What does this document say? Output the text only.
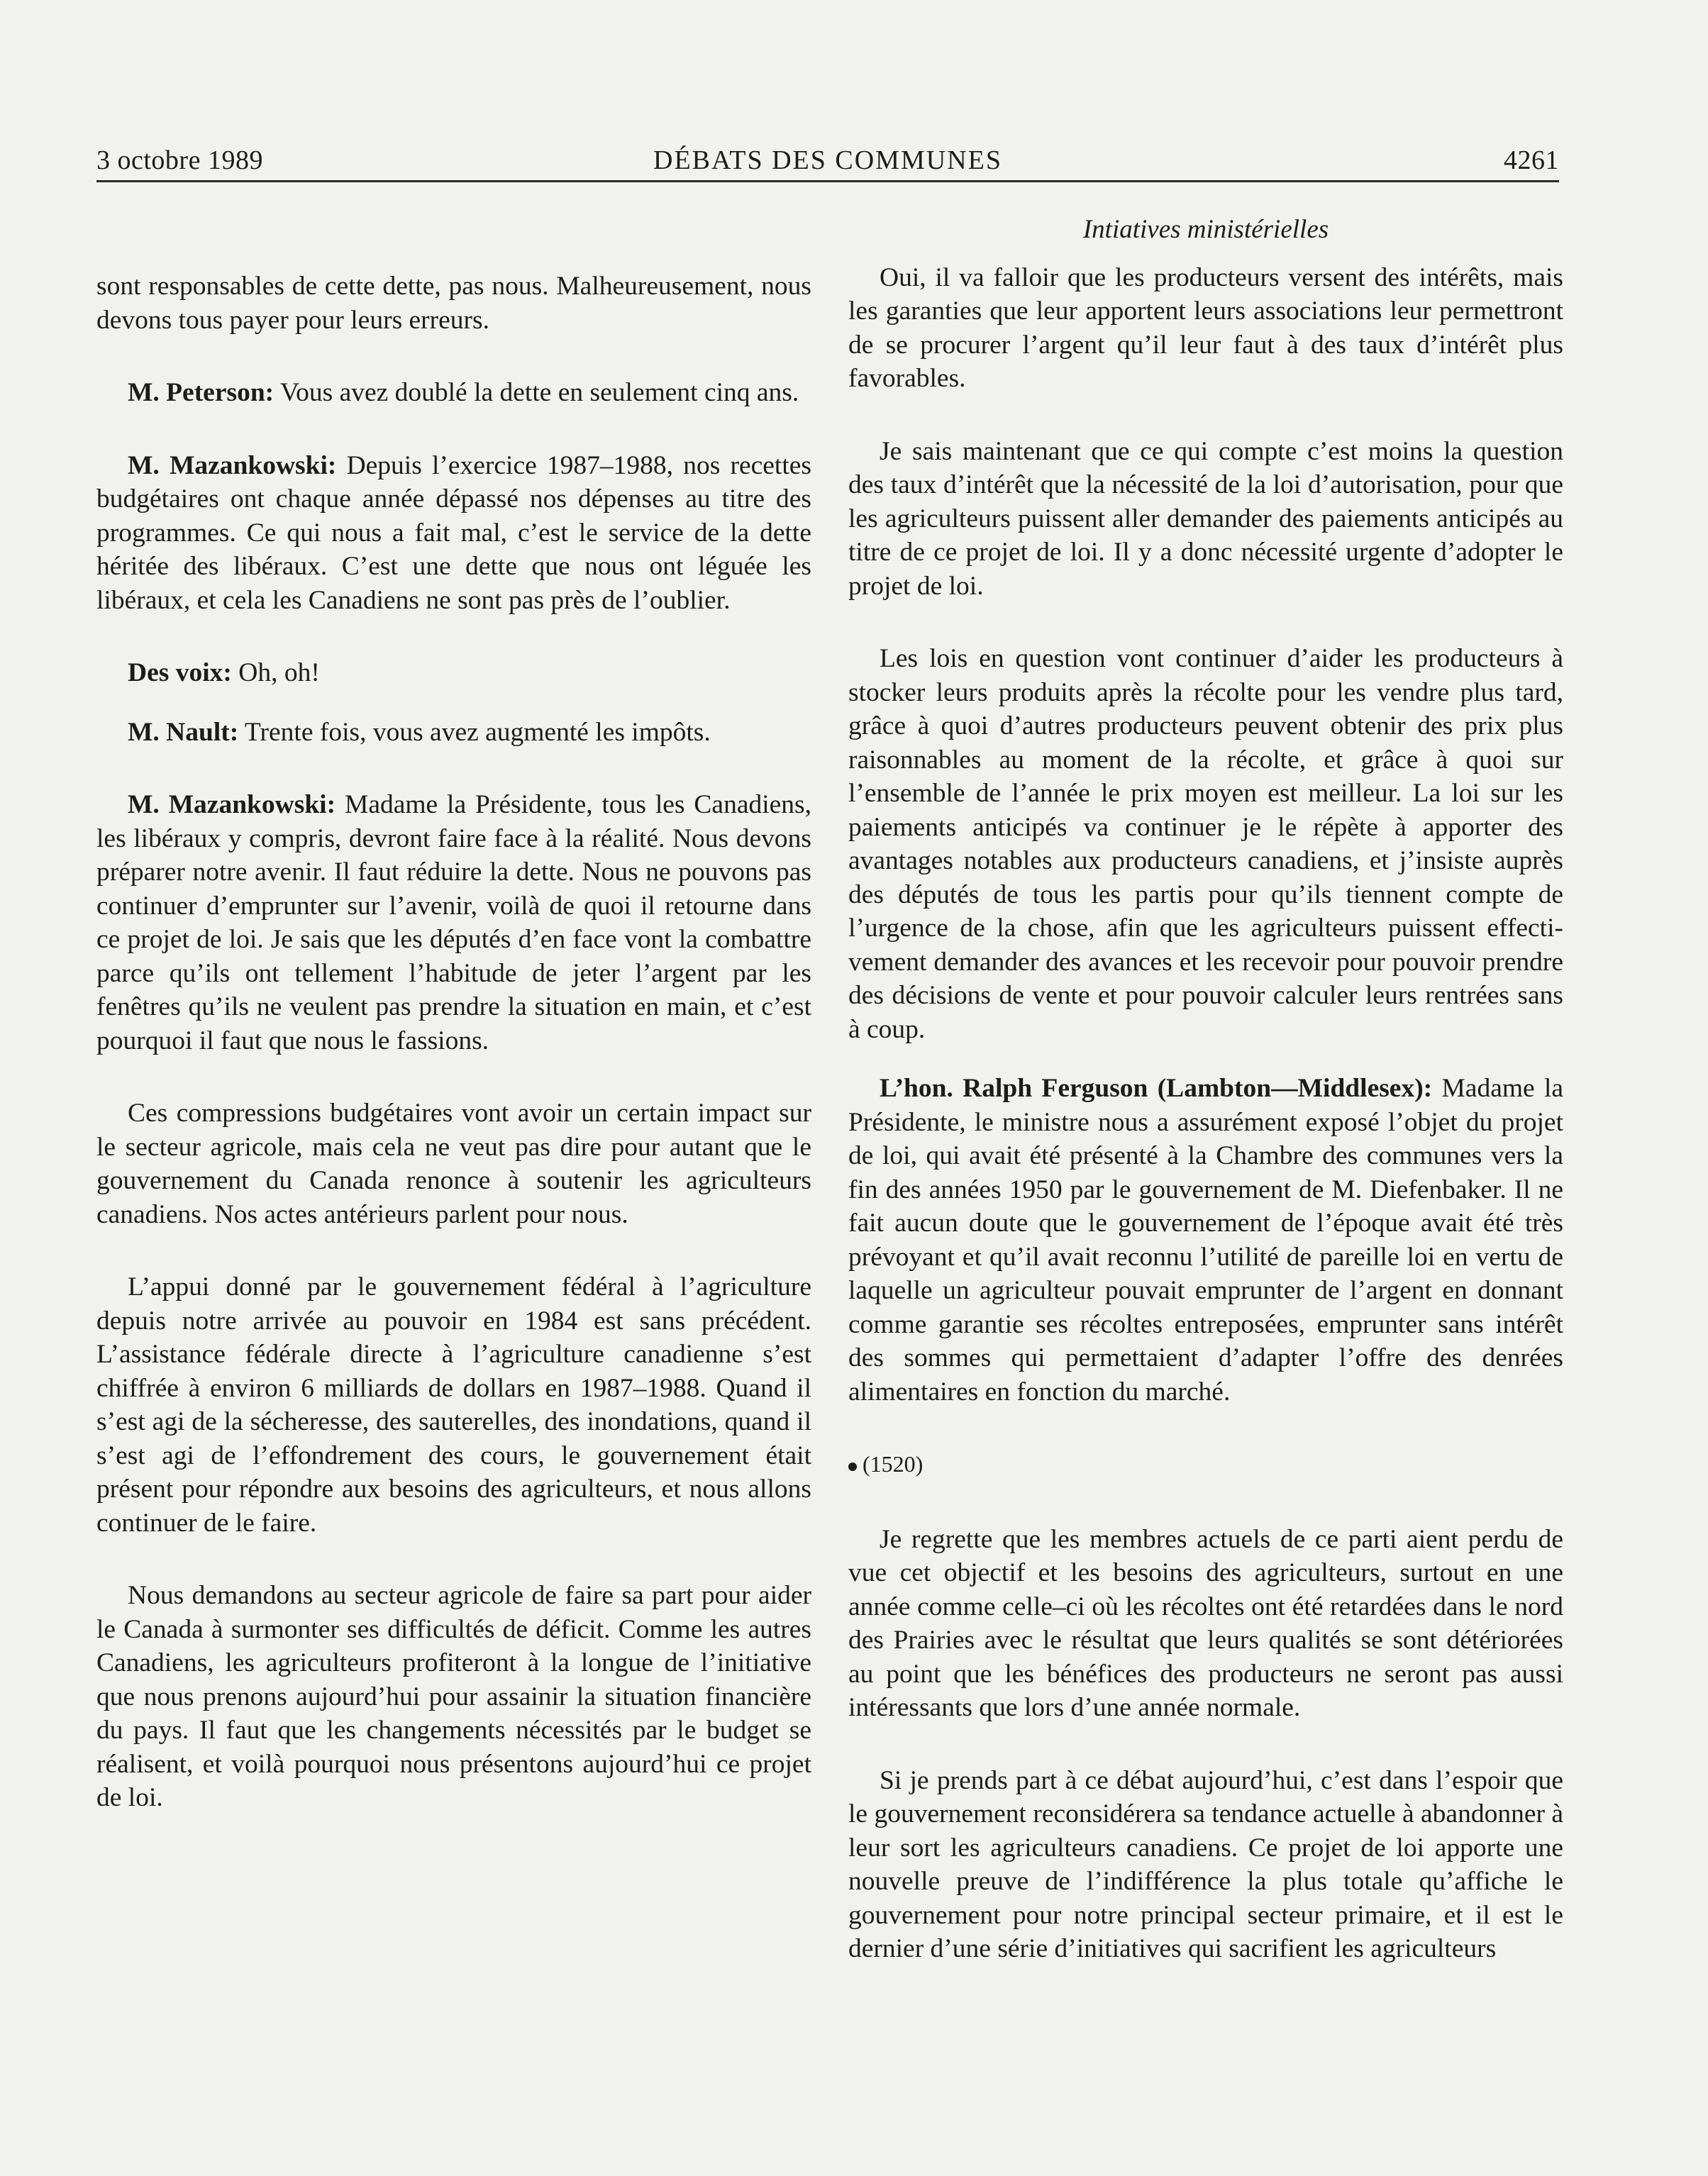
3 octobre 1989	DÉBATS DES COMMUNES	4261

sont responsables de cette dette, pas nous. Malheureusement, nous devons tous payer pour leurs erreurs.

M. Peterson: Vous avez doublé la dette en seulement cinq ans.

M. Mazankowski: Depuis l’exercice 1987–1988, nos recettes budgétaires ont chaque année dépassé nos dépenses au titre des programmes. Ce qui nous a fait mal, c’est le service de la dette héritée des libéraux. C’est une dette que nous ont léguée les libéraux, et cela les Canadiens ne sont pas près de l’oublier.

Des voix: Oh, oh!

M. Nault: Trente fois, vous avez augmenté les impôts.

M. Mazankowski: Madame la Présidente, tous les Canadiens, les libéraux y compris, devront faire face à la réalité. Nous devons préparer notre avenir. Il faut réduire la dette. Nous ne pouvons pas continuer d’emprunter sur l’avenir, voilà de quoi il retourne dans ce projet de loi. Je sais que les députés d’en face vont la combattre parce qu’ils ont tellement l’habitude de jeter l’argent par les fenêtres qu’ils ne veulent pas prendre la situation en main, et c’est pourquoi il faut que nous le fassions.

Ces compressions budgétaires vont avoir un certain impact sur le secteur agricole, mais cela ne veut pas dire pour autant que le gouvernement du Canada renonce à soutenir les agriculteurs canadiens. Nos actes antérieurs parlent pour nous.

L’appui donné par le gouvernement fédéral à l’agriculture depuis notre arrivée au pouvoir en 1984 est sans précédent. L’assistance fédérale directe à l’agriculture canadienne s’est chiffrée à environ 6 milliards de dollars en 1987–1988. Quand il s’est agi de la sécheresse, des sauterelles, des inondations, quand il s’est agi de l’effondrement des cours, le gouvernement était présent pour répondre aux besoins des agriculteurs, et nous allons continuer de le faire.

Nous demandons au secteur agricole de faire sa part pour aider le Canada à surmonter ses difficultés de déficit. Comme les autres Canadiens, les agriculteurs profiteront à la longue de l’initiative que nous prenons aujourd’hui pour assainir la situation financière du pays. Il faut que les changements nécessités par le budget se réalisent, et voilà pourquoi nous présentons aujourd’hui ce projet de loi.

Intiatives ministérielles

Oui, il va falloir que les producteurs versent des intérêts, mais les garanties que leur apportent leurs associations leur permettront de se procurer l’argent qu’il leur faut à des taux d’intérêt plus favorables.

Je sais maintenant que ce qui compte c’est moins la question des taux d’intérêt que la nécessité de la loi d’autorisation, pour que les agriculteurs puissent aller demander des paiements anticipés au titre de ce projet de loi. Il y a donc nécessité urgente d’adopter le projet de loi.

Les lois en question vont continuer d’aider les producteurs à stocker leurs produits après la récolte pour les vendre plus tard, grâce à quoi d’autres producteurs peuvent obtenir des prix plus raisonnables au moment de la récolte, et grâce à quoi sur l’ensemble de l’année le prix moyen est meilleur. La loi sur les paiements anticipés va continuer je le répète à apporter des avantages notables aux producteurs canadiens, et j’insiste auprès des députés de tous les partis pour qu’ils tiennent compte de l’urgence de la chose, afin que les agriculteurs puissent effectivement demander des avances et les recevoir pour pouvoir prendre des décisions de vente et pour pouvoir calculer leurs rentrées sans à coup.

L’hon. Ralph Ferguson (Lambton—Middlesex): Madame la Présidente, le ministre nous a assurément exposé l’objet du projet de loi, qui avait été présenté à la Chambre des communes vers la fin des années 1950 par le gouvernement de M. Diefenbaker. Il ne fait aucun doute que le gouvernement de l’époque avait été très prévoyant et qu’il avait reconnu l’utilité de pareille loi en vertu de laquelle un agriculteur pouvait emprunter de l’argent en donnant comme garantie ses récoltes entreposées, emprunter sans intérêt des sommes qui permettaient d’adapter l’offre des denrées alimentaires en fonction du marché.

(1520)

Je regrette que les membres actuels de ce parti aient perdu de vue cet objectif et les besoins des agriculteurs, surtout en une année comme celle–ci où les récoltes ont été retardées dans le nord des Prairies avec le résultat que leurs qualités se sont détériorées au point que les bénéfices des producteurs ne seront pas aussi intéressants que lors d’une année normale.

Si je prends part à ce débat aujourd’hui, c’est dans l’espoir que le gouvernement reconsidérera sa tendance actuelle à abandonner à leur sort les agriculteurs canadiens. Ce projet de loi apporte une nouvelle preuve de l’indifférence la plus totale qu’affiche le gouvernement pour notre principal secteur primaire, et il est le dernier d’une série d’initiatives qui sacrifient les agriculteurs
